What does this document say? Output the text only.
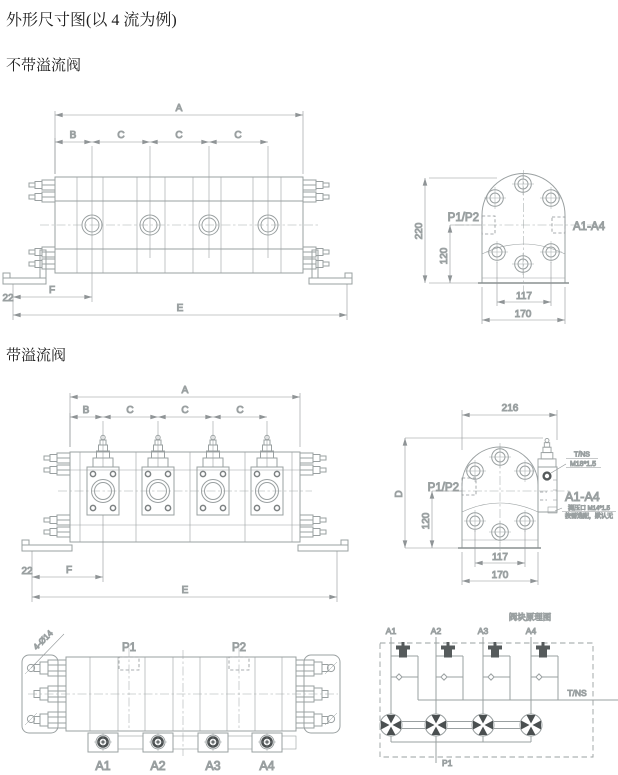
外形尺寸图(以 4 流为例)
不带溢流阀
带溢流阀
A
B	C	C	C
22
F
E
P1/P2
A1-A4
220
120
117
170
A
B	C	C	C
22	F
E
P1/P2
A1-A4
T/NS
M18*1.5
测压口 M14*1.5
按需选配，默认无
216
D
120
117
170
P1	P2
4-Ø14
A1	A2	A3	A4
阀块原理图
A1	A2	A3	A4
T/NS
P1
